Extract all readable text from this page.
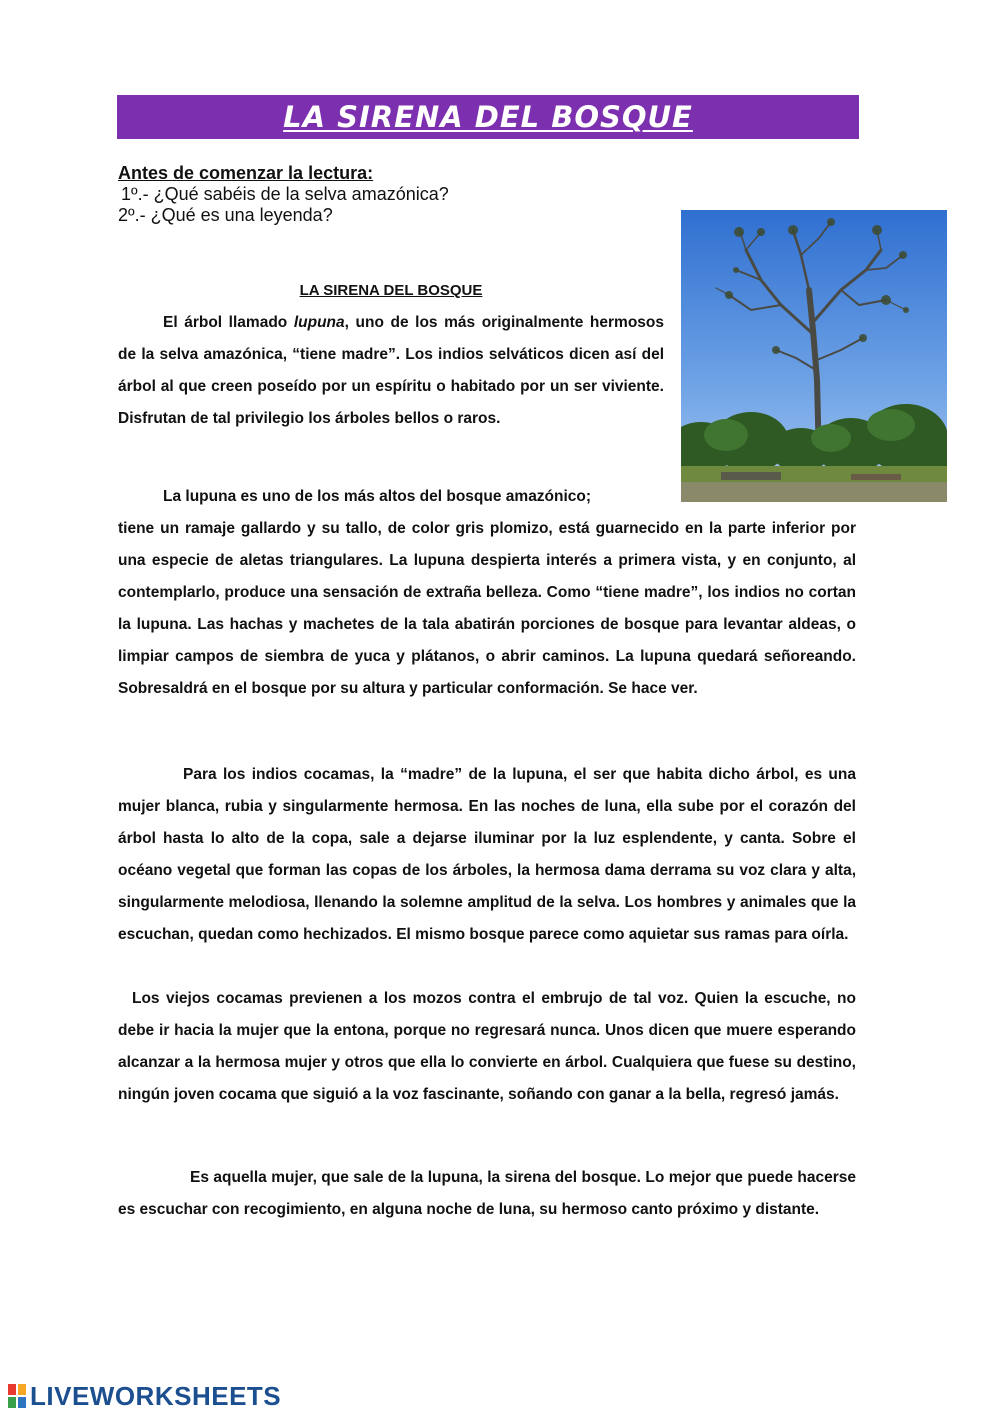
LA SIRENA DEL BOSQUE
Antes de comenzar la lectura:
1º.- ¿Qué sabéis de la selva amazónica?
2º.- ¿Qué es una leyenda?
LA SIRENA DEL BOSQUE

El árbol llamado lupuna, uno de los más originalmente hermosos de la selva amazónica, “tiene madre”. Los indios selváticos dicen así del árbol al que creen poseído por un espíritu o habitado por un ser viviente. Disfrutan de tal privilegio los árboles bellos o raros.

La lupuna es uno de los más altos del bosque amazónico;
tiene un ramaje gallardo y su tallo, de color gris plomizo, está guarnecido en la parte inferior por una especie de aletas triangulares. La lupuna despierta interés a primera vista, y en conjunto, al contemplarlo, produce una sensación de extraña belleza. Como “tiene madre”, los indios no cortan la lupuna. Las hachas y machetes de la tala abatirán porciones de bosque para levantar aldeas, o limpiar campos de siembra de yuca y plátanos, o abrir caminos. La lupuna quedará señoreando. Sobresaldrá en el bosque por su altura y particular conformación. Se hace ver.

Para los indios cocamas, la “madre” de la lupuna, el ser que habita dicho árbol, es una mujer blanca, rubia y singularmente hermosa. En las noches de luna, ella sube por el corazón del árbol hasta lo alto de la copa, sale a dejarse iluminar por la luz esplendente, y canta. Sobre el océano vegetal que forman las copas de los árboles, la hermosa dama derrama su voz clara y alta, singularmente melodiosa, llenando la solemne amplitud de la selva. Los hombres y animales que la escuchan, quedan como hechizados. El mismo bosque parece como aquietar sus ramas para oírla.

Los viejos cocamas previenen a los mozos contra el embrujo de tal voz. Quien la escuche, no debe ir hacia la mujer que la entona, porque no regresará nunca. Unos dicen que muere esperando alcanzar a la hermosa mujer y otros que ella lo convierte en árbol. Cualquiera que fuese su destino, ningún joven cocama que siguió a la voz fascinante, soñando con ganar a la bella, regresó jamás.

Es aquella mujer, que sale de la lupuna, la sirena del bosque. Lo mejor que puede hacerse es escuchar con recogimiento, en alguna noche de luna, su hermoso canto próximo y distante.

LIVEWORKSHEETS
